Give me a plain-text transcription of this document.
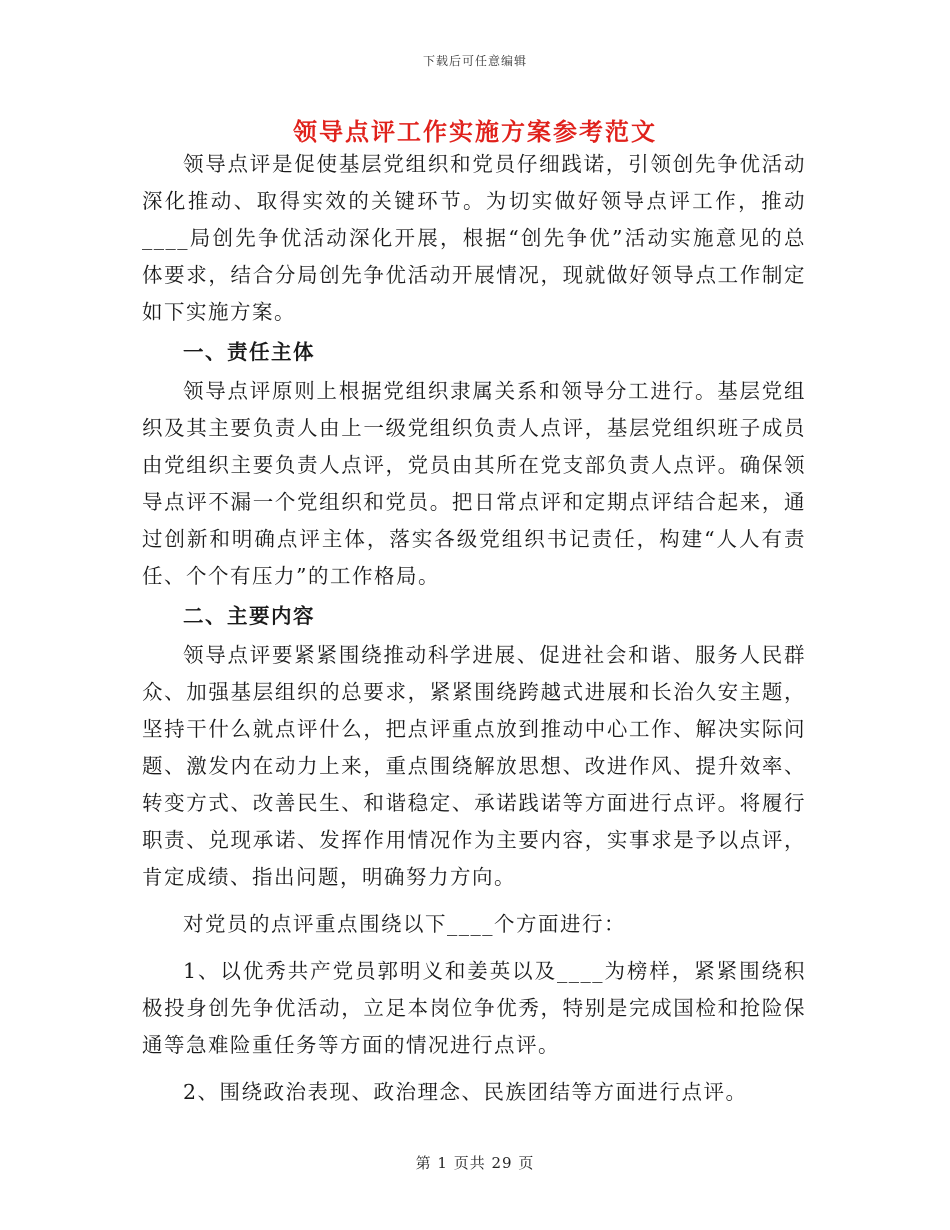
下载后可任意编辑
领导点评工作实施方案参考范文

领导点评是促使基层党组织和党员仔细践诺，引领创先争优活动深化推动、取得实效的关键环节。为切实做好领导点评工作，推动____局创先争优活动深化开展，根据“创先争优”活动实施意见的总体要求，结合分局创先争优活动开展情况，现就做好领导点工作制定如下实施方案。

一、责任主体

领导点评原则上根据党组织隶属关系和领导分工进行。基层党组织及其主要负责人由上一级党组织负责人点评，基层党组织班子成员由党组织主要负责人点评，党员由其所在党支部负责人点评。确保领导点评不漏一个党组织和党员。把日常点评和定期点评结合起来，通过创新和明确点评主体，落实各级党组织书记责任，构建“人人有责任、个个有压力”的工作格局。

二、主要内容

领导点评要紧紧围绕推动科学进展、促进社会和谐、服务人民群众、加强基层组织的总要求，紧紧围绕跨越式进展和长治久安主题，坚持干什么就点评什么，把点评重点放到推动中心工作、解决实际问题、激发内在动力上来，重点围绕解放思想、改进作风、提升效率、转变方式、改善民生、和谐稳定、承诺践诺等方面进行点评。将履行职责、兑现承诺、发挥作用情况作为主要内容，实事求是予以点评，肯定成绩、指出问题，明确努力方向。

对党员的点评重点围绕以下____个方面进行：

1、以优秀共产党员郭明义和姜英以及____为榜样，紧紧围绕积极投身创先争优活动，立足本岗位争优秀，特别是完成国检和抢险保通等急难险重任务等方面的情况进行点评。

2、围绕政治表现、政治理念、民族团结等方面进行点评。

第 1 页共 29 页
